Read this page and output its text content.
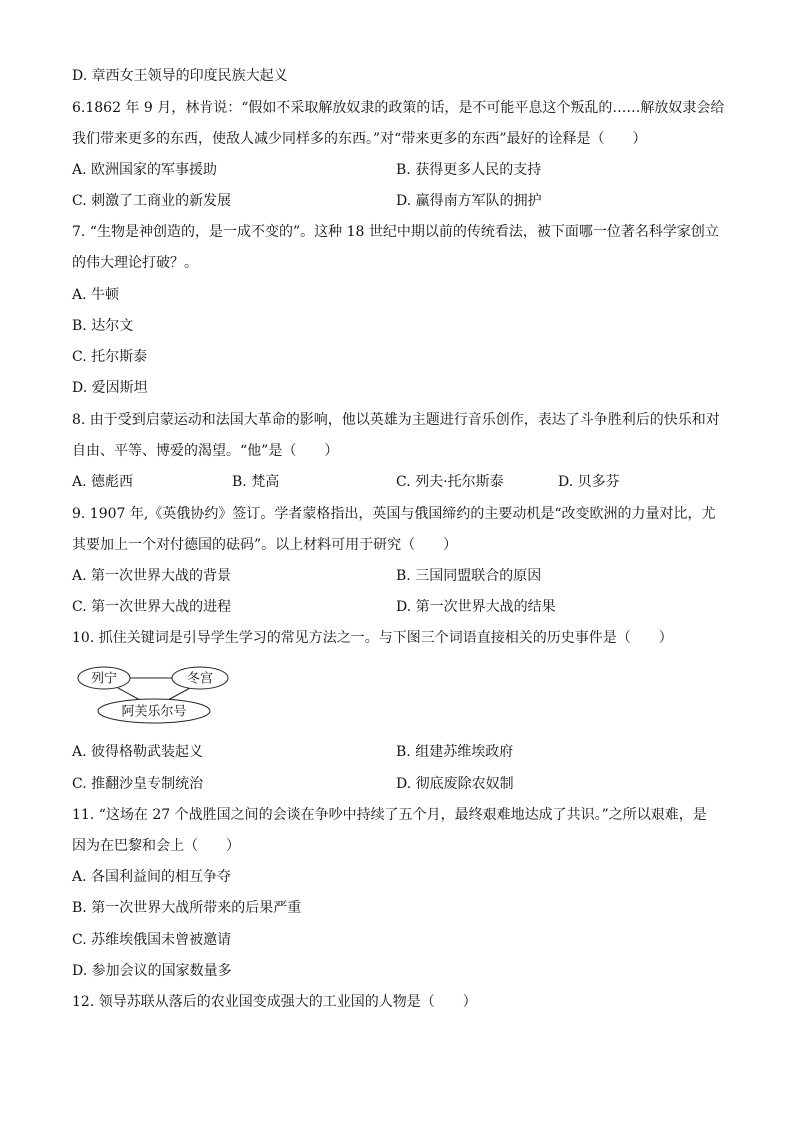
D. 章西女王领导的印度民族大起义
6.1862 年 9 月，林肯说：“假如不采取解放奴隶的政策的话，是不可能平息这个叛乱的……解放奴隶会给
我们带来更多的东西，使敌人减少同样多的东西。”对“带来更多的东西”最好的诠释是（　　）
A. 欧洲国家的军事援助	B. 获得更多人民的支持
C. 刺激了工商业的新发展	D. 赢得南方军队的拥护
7. “生物是神创造的，是一成不变的”。这种 18 世纪中期以前的传统看法，被下面哪一位著名科学家创立
的伟大理论打破？。
A. 牛顿
B. 达尔文
C. 托尔斯泰
D. 爱因斯坦
8. 由于受到启蒙运动和法国大革命的影响，他以英雄为主题进行音乐创作，表达了斗争胜利后的快乐和对
自由、平等、博爱的渴望。“他”是（　　）
A. 德彪西	B. 梵高	C. 列夫·托尔斯泰	D. 贝多芬
9. 1907 年,《英俄协约》签订。学者蒙格指出，英国与俄国缔约的主要动机是“改变欧洲的力量对比，尤
其要加上一个对付德国的砝码”。以上材料可用于研究（　　）
A. 第一次世界大战的背景	B. 三国同盟联合的原因
C. 第一次世界大战的进程	D. 第一次世界大战的结果
10. 抓住关键词是引导学生学习的常见方法之一。与下图三个词语直接相关的历史事件是（　　）
列宁	冬宫
阿芙乐尔号
A. 彼得格勒武装起义	B. 组建苏维埃政府
C. 推翻沙皇专制统治	D. 彻底废除农奴制
11. “这场在 27 个战胜国之间的会谈在争吵中持续了五个月，最终艰难地达成了共识。”之所以艰难，是
因为在巴黎和会上（　　）
A. 各国利益间的相互争夺
B. 第一次世界大战所带来的后果严重
C. 苏维埃俄国未曾被邀请
D. 参加会议的国家数量多
12. 领导苏联从落后的农业国变成强大的工业国的人物是（　　）
